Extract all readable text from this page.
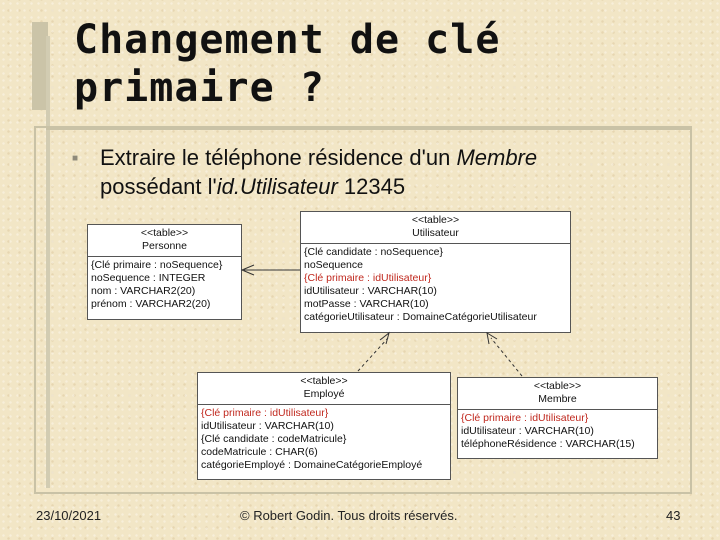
Changement de clé
primaire ?
■ Extraire le téléphone résidence d'un Membre
possédant l'id.Utilisateur 12345
<<table>>
Personne
{Clé primaire : noSequence}
noSequence : INTEGER
nom : VARCHAR2(20)
prénom : VARCHAR2(20)
<<table>>
Utilisateur
{Clé candidate : noSequence}
noSequence
{Clé primaire : idUtilisateur}
idUtilisateur : VARCHAR(10)
motPasse : VARCHAR(10)
catégorieUtilisateur : DomaineCatégorieUtilisateur
<<table>>
Employé
{Clé primaire : idUtilisateur}
idUtilisateur : VARCHAR(10)
{Clé candidate : codeMatricule}
codeMatricule : CHAR(6)
catégorieEmployé : DomaineCatégorieEmployé
<<table>>
Membre
{Clé primaire : idUtilisateur}
idUtilisateur : VARCHAR(10)
téléphoneRésidence : VARCHAR(15)
23/10/2021	© Robert Godin. Tous droits réservés.	43
